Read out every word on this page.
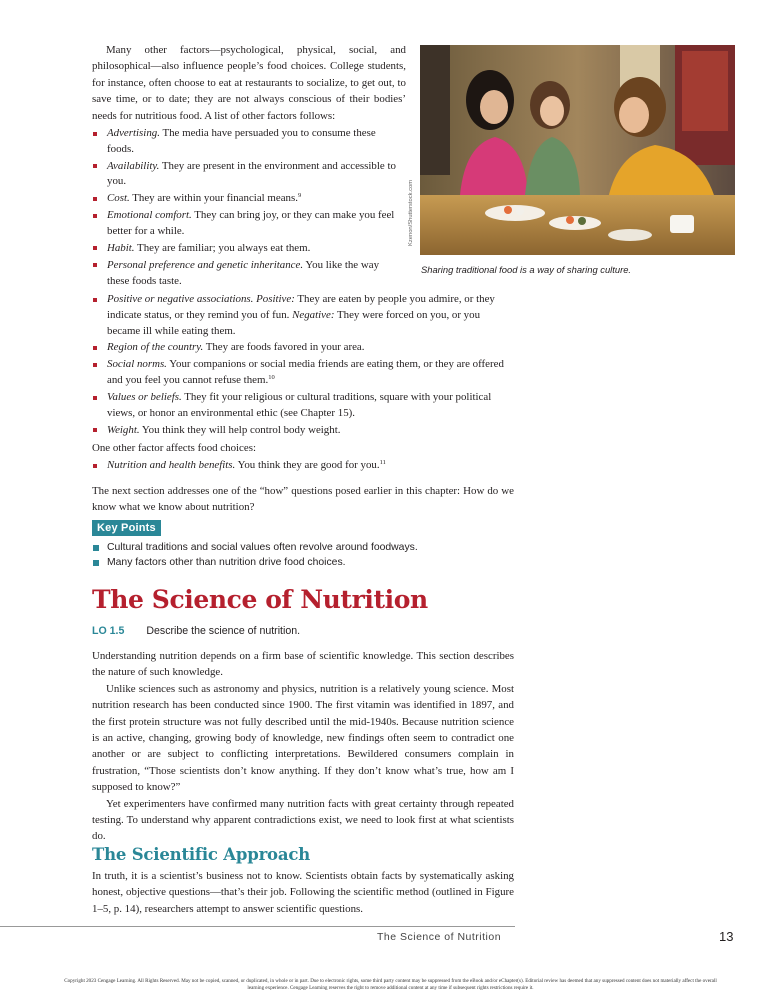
Many other factors—psychological, physical, social, and philosophical—also influence people’s food choices. College students, for instance, often choose to eat at restaurants to socialize, to get out, to save time, or to date; they are not always conscious of their bodies’ needs for nutritious food. A list of other factors follows:

Advertising. The media have persuaded you to consume these foods.
Availability. They are present in the environment and accessible to you.
Cost. They are within your financial means.$^9$
Emotional comfort. They can bring joy, or they can make you feel better for a while.
Habit. They are familiar; you always eat them.
Personal preference and genetic inheritance. You like the way these foods taste.
Kzenon/Shutterstock.com
Sharing traditional food is a way of sharing culture.
Positive or negative associations. Positive: They are eaten by people you admire, or they indicate status, or they remind you of fun. Negative: They were forced on you, or you became ill while eating them.
Region of the country. They are foods favored in your area.
Social norms. Your companions or social media friends are eating them, or they are offered and you feel you cannot refuse them.$^{10}$
Values or beliefs. They fit your religious or cultural traditions, square with your political views, or honor an environmental ethic (see Chapter 15).
Weight. You think they will help control body weight.

One other factor affects food choices:

Nutrition and health benefits. You think they are good for you.$^{11}$

The next section addresses one of the “how” questions posed earlier in this chapter: How do we know what we know about nutrition?

Key Points
Cultural traditions and social values often revolve around foodways.
Many factors other than nutrition drive food choices.
The Science of Nutrition
LO 1.5 Describe the science of nutrition.

Understanding nutrition depends on a firm base of scientific knowledge. This section describes the nature of such knowledge.

Unlike sciences such as astronomy and physics, nutrition is a relatively young science. Most nutrition research has been conducted since 1900. The first vitamin was identified in 1897, and the first protein structure was not fully described until the mid-1940s. Because nutrition science is an active, changing, growing body of knowledge, new findings often seem to contradict one another or are subject to conflicting interpretations. Bewildered consumers complain in frustration, “Those scientists don’t know anything. If they don’t know what’s true, how am I supposed to know?”

Yet experimenters have confirmed many nutrition facts with great certainty through repeated testing. To understand why apparent contradictions exist, we need to look first at what scientists do.

The Scientific Approach

In truth, it is a scientist’s business not to know. Scientists obtain facts by systematically asking honest, objective questions—that’s their job. Following the scientific method (outlined in Figure 1–5, p. 14), researchers attempt to answer scientific questions.

The Science of Nutrition	13
Copyright 2023 Cengage Learning. All Rights Reserved. May not be copied, scanned, or duplicated, in whole or in part. Due to electronic rights, some third party content may be suppressed from the eBook and/or eChapter(s). Editorial review has deemed that any suppressed content does not materially affect the overall learning experience. Cengage Learning reserves the right to remove additional content at any time if subsequent rights restrictions require it.
